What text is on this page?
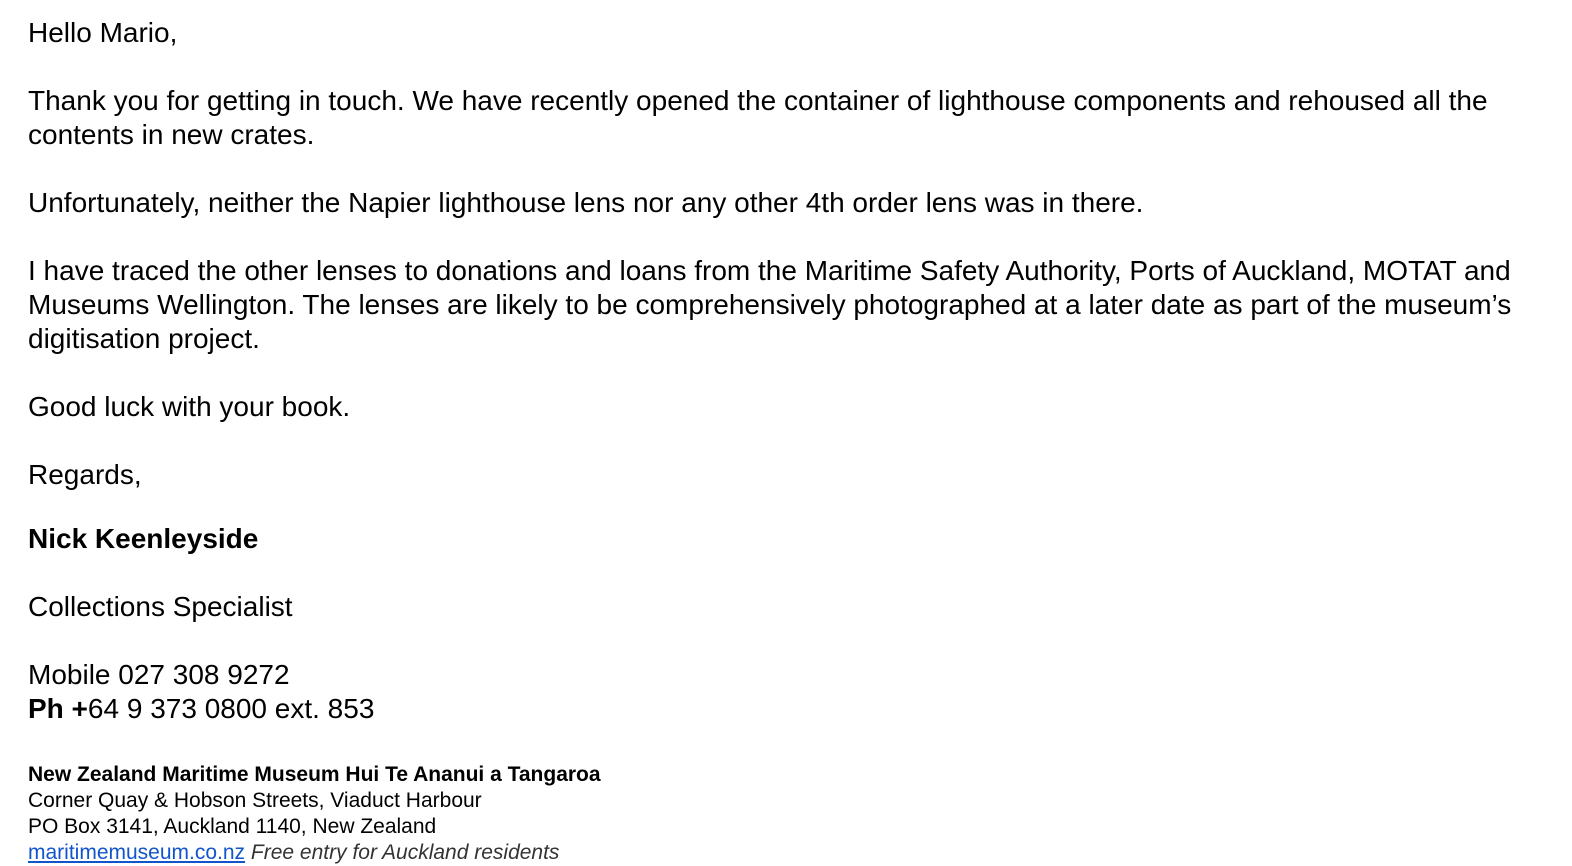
Hello Mario,

Thank you for getting in touch. We have recently opened the container of lighthouse components and rehoused all the contents in new crates.

Unfortunately, neither the Napier lighthouse lens nor any other 4th order lens was in there.

I have traced the other lenses to donations and loans from the Maritime Safety Authority, Ports of Auckland, MOTAT and Museums Wellington. The lenses are likely to be comprehensively photographed at a later date as part of the museum’s digitisation project.

Good luck with your book.

Regards,

Nick Keenleyside
Collections Specialist
Mobile 027 308 9272
Ph +64 9 373 0800 ext. 853
New Zealand Maritime Museum Hui Te Ananui a Tangaroa
Corner Quay & Hobson Streets, Viaduct Harbour
PO Box 3141, Auckland 1140, New Zealand
maritimemuseum.co.nz Free entry for Auckland residents
